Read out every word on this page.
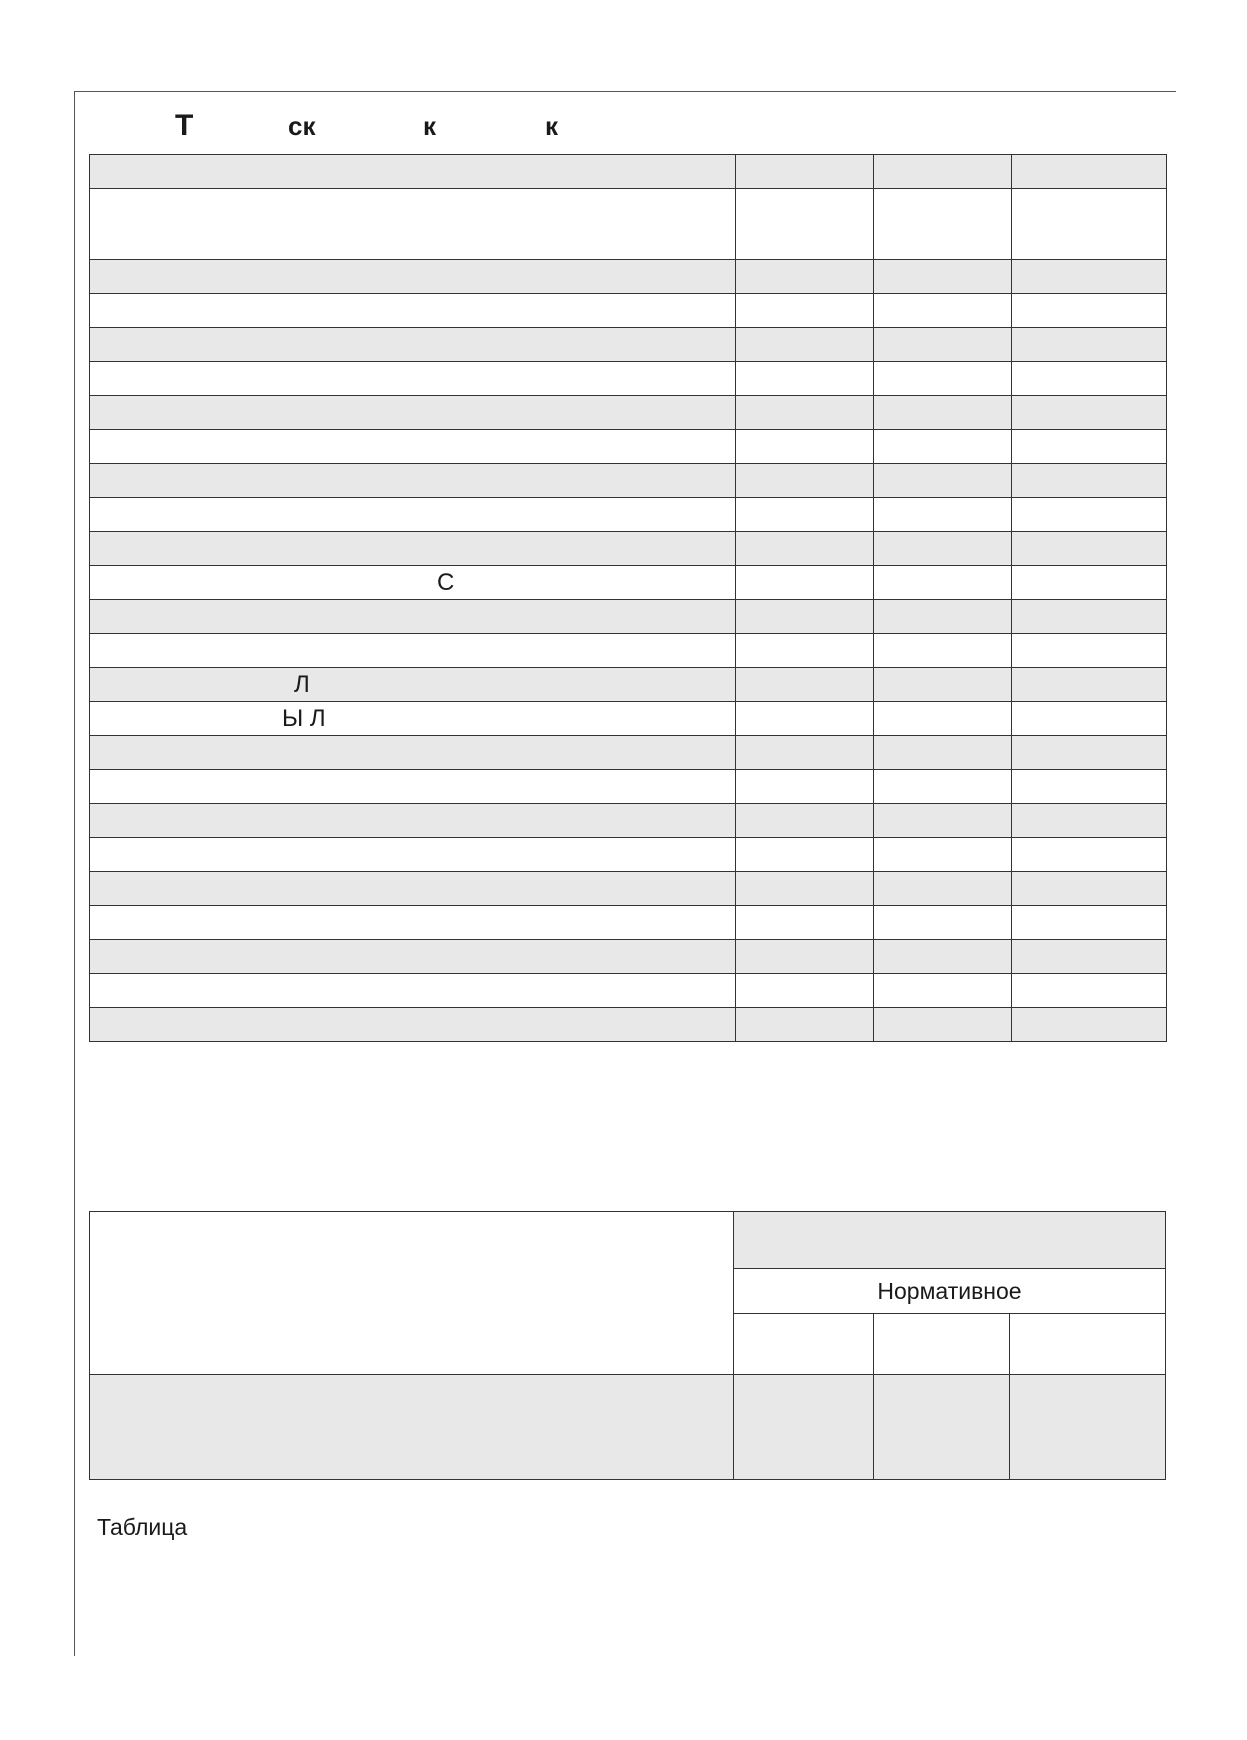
Т	ск	к	к

С			

Л			

Ы Л			

	Нормативное		

Таблица
